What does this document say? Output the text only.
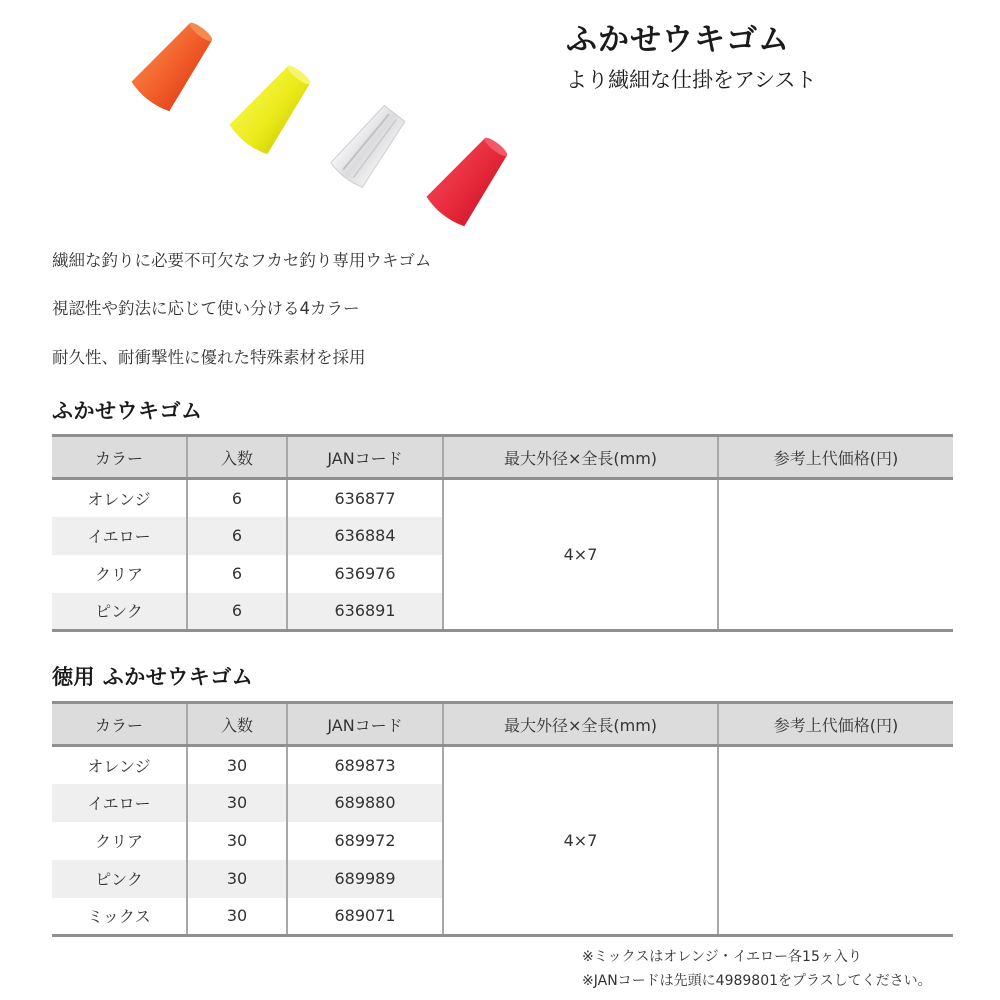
ふかせウキゴム
より繊細な仕掛をアシスト
繊細な釣りに必要不可欠なフカセ釣り専用ウキゴム
視認性や釣法に応じて使い分ける4カラー
耐久性、耐衝撃性に優れた特殊素材を採用
ふかせウキゴム
カラー	入数	JANコード	最大外径×全長(mm)	参考上代価格(円)
オレンジ	6	636877	4×7	
イエロー	6	636884		
クリア	6	636976		
ピンク	6	636891		
徳用 ふかせウキゴム
カラー	入数	JANコード	最大外径×全長(mm)	参考上代価格(円)
オレンジ	30	689873	4×7	
イエロー	30	689880		
クリア	30	689972		
ピンク	30	689989		
ミックス	30	689071		
※ミックスはオレンジ・イエロー各15ヶ入り
※JANコードは先頭に4989801をプラスしてください。
